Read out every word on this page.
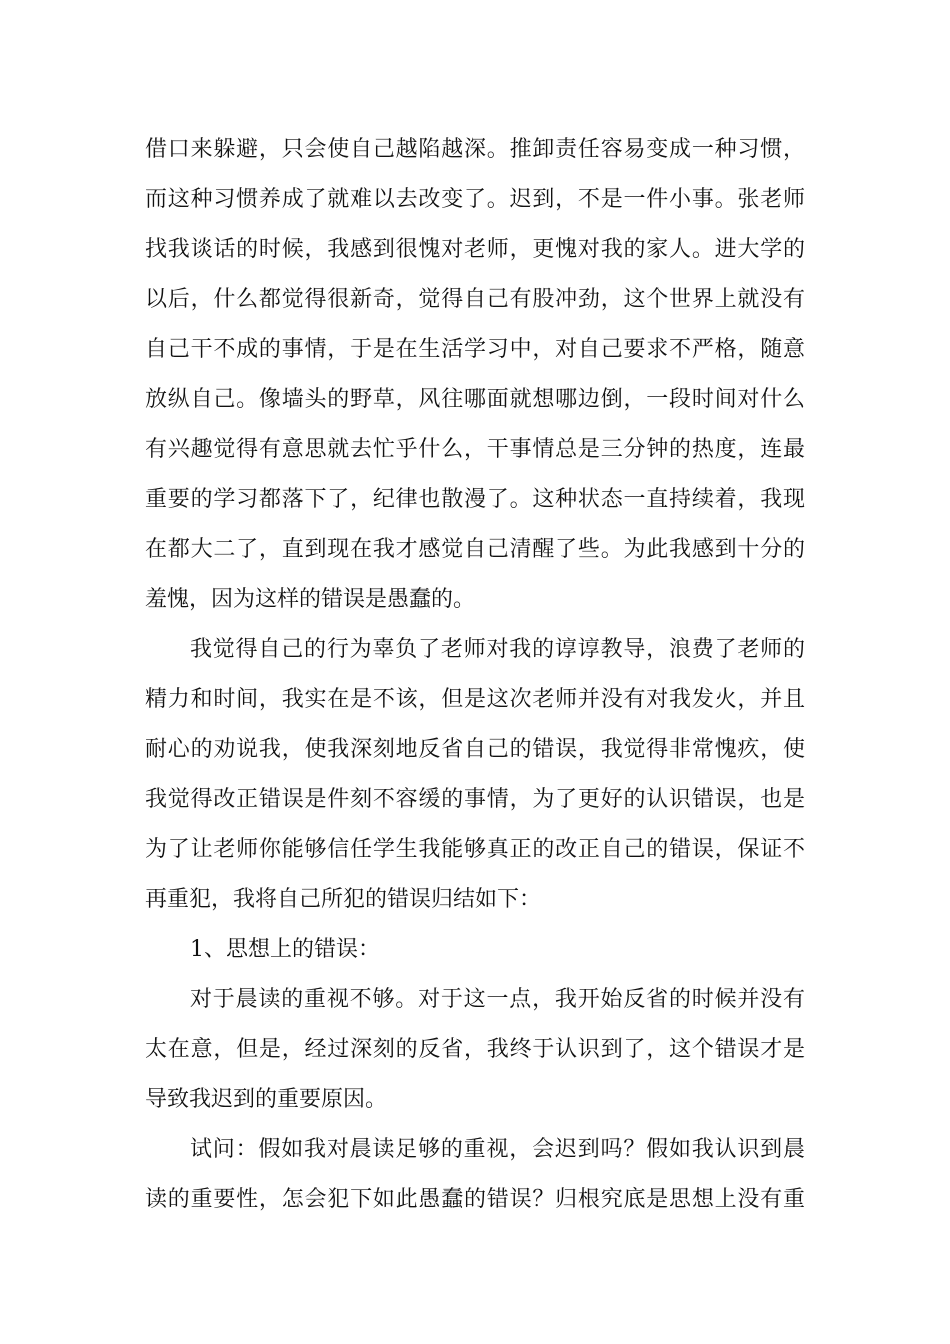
借口来躲避，只会使自己越陷越深。推卸责任容易变成一种习惯，
而这种习惯养成了就难以去改变了。迟到，不是一件小事。张老师
找我谈话的时候，我感到很愧对老师，更愧对我的家人。进大学的
以后，什么都觉得很新奇，觉得自己有股冲劲，这个世界上就没有
自己干不成的事情，于是在生活学习中，对自己要求不严格，随意
放纵自己。像墙头的野草，风往哪面就想哪边倒，一段时间对什么
有兴趣觉得有意思就去忙乎什么，干事情总是三分钟的热度，连最
重要的学习都落下了，纪律也散漫了。这种状态一直持续着，我现
在都大二了，直到现在我才感觉自己清醒了些。为此我感到十分的
羞愧，因为这样的错误是愚蠢的。
我觉得自己的行为辜负了老师对我的谆谆教导，浪费了老师的
精力和时间，我实在是不该，但是这次老师并没有对我发火，并且
耐心的劝说我，使我深刻地反省自己的错误，我觉得非常愧疚，使
我觉得改正错误是件刻不容缓的事情，为了更好的认识错误，也是
为了让老师你能够信任学生我能够真正的改正自己的错误，保证不
再重犯，我将自己所犯的错误归结如下：
1、思想上的错误：
对于晨读的重视不够。对于这一点，我开始反省的时候并没有
太在意，但是，经过深刻的反省，我终于认识到了，这个错误才是
导致我迟到的重要原因。
试问：假如我对晨读足够的重视，会迟到吗？假如我认识到晨
读的重要性，怎会犯下如此愚蠢的错误？归根究底是思想上没有重
